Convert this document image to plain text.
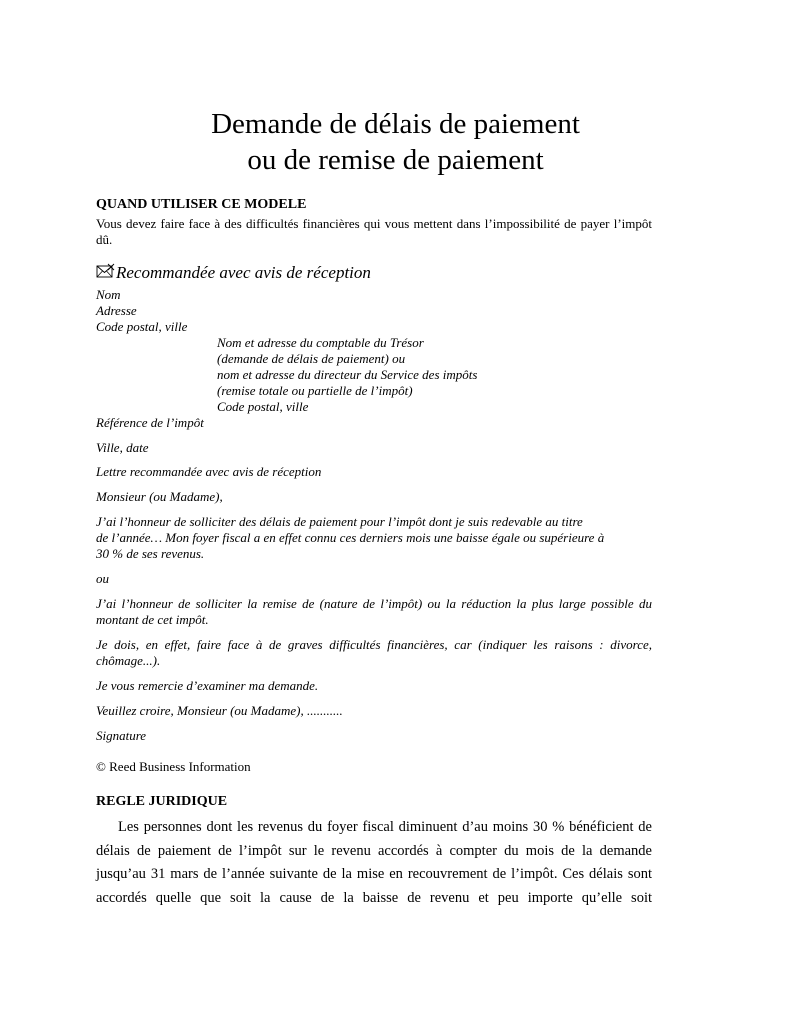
Demande de délais de paiement
ou de remise de paiement
QUAND UTILISER CE MODELE
Vous devez faire face à des difficultés financières qui vous mettent dans l’impossibilité de payer l’impôt dû.
Recommandée avec avis de réception
Nom
Adresse
Code postal, ville
Nom et adresse du comptable du Trésor
(demande de délais de paiement) ou
nom et adresse du directeur du Service des impôts
(remise totale ou partielle de l’impôt)
Code postal, ville
Référence de l’impôt
Ville, date
Lettre recommandée avec avis de réception
Monsieur (ou Madame),
J’ai l’honneur de solliciter des délais de paiement pour l’impôt dont je suis redevable au titre
de l’année… Mon foyer fiscal a en effet connu ces derniers mois une baisse égale ou supérieure à
30 % de ses revenus.
ou
J’ai l’honneur de solliciter la remise de (nature de l’impôt) ou la réduction la plus large possible du montant de cet impôt.
Je dois, en effet, faire face à de graves difficultés financières, car (indiquer les raisons : divorce, chômage...).
Je vous remercie d’examiner ma demande.
Veuillez croire, Monsieur (ou Madame), ...........
Signature
© Reed Business Information
REGLE JURIDIQUE
Les personnes dont les revenus du foyer fiscal diminuent d’au moins 30 % bénéficient de délais de paiement de l’impôt sur le revenu accordés à compter du mois de la demande jusqu’au 31 mars de l’année suivante de la mise en recouvrement de l’impôt. Ces délais sont accordés quelle que soit la cause de la baisse de revenu et peu importe qu’elle soit
